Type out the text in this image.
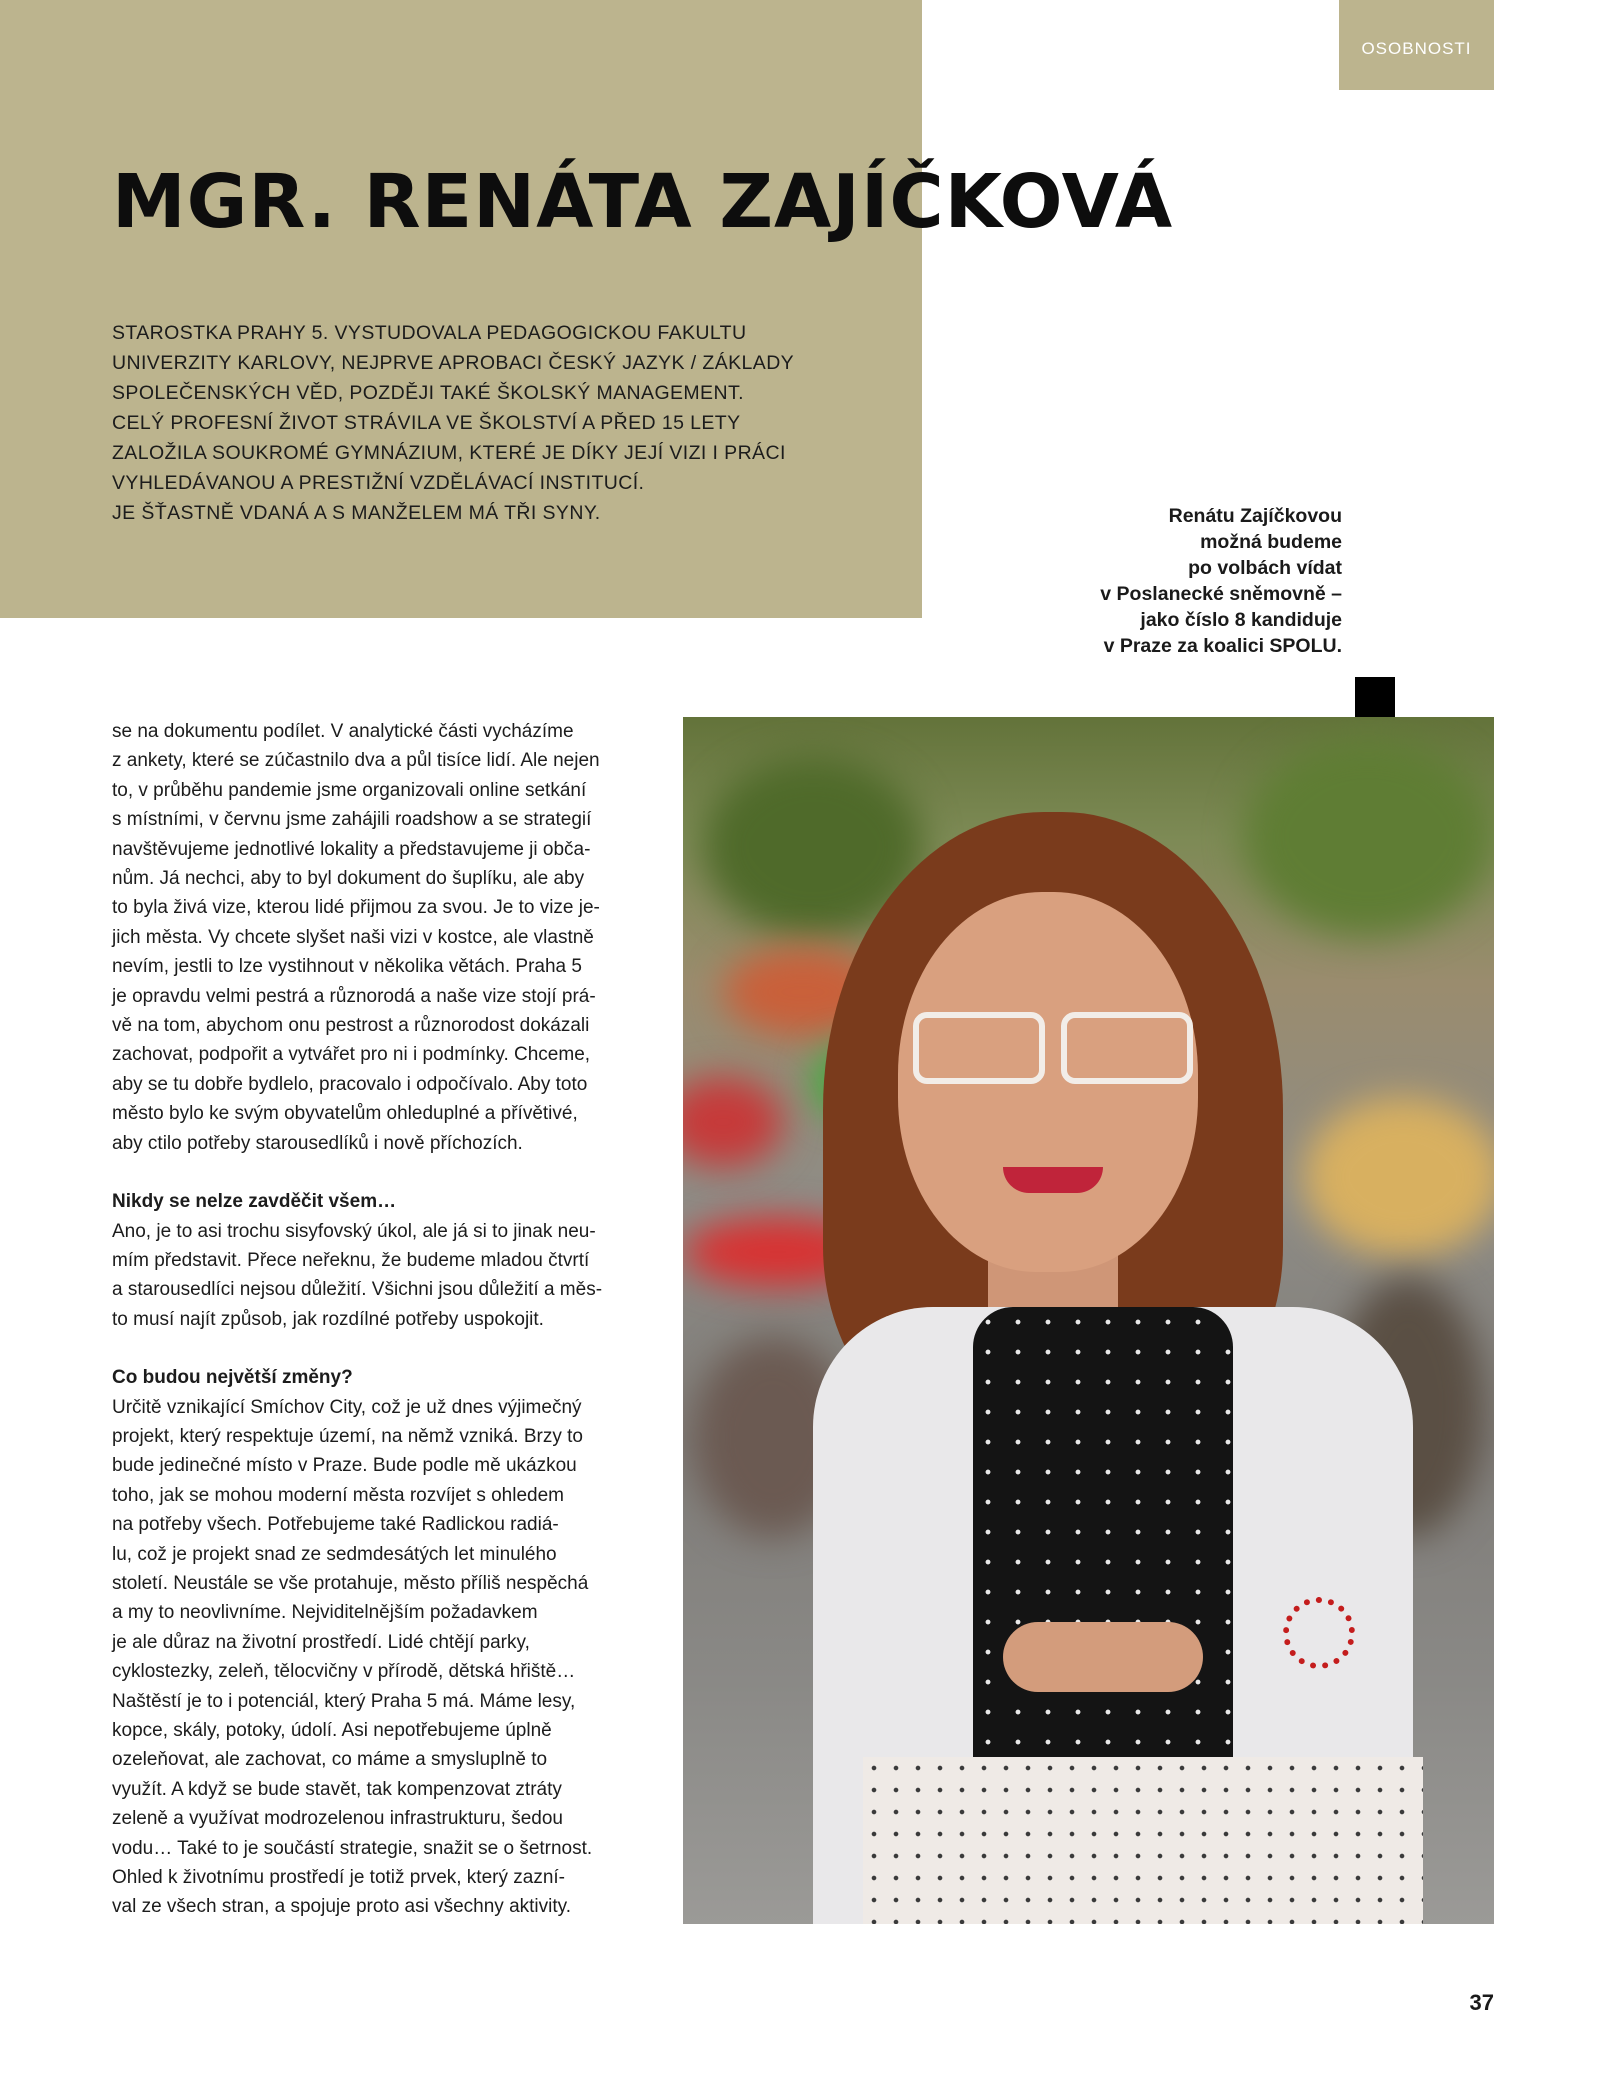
OSOBNOSTI
MGR. RENÁTA ZAJÍČKOVÁ
STAROSTKA PRAHY 5. VYSTUDOVALA PEDAGOGICKOU FAKULTU
UNIVERZITY KARLOVY, NEJPRVE APROBACI ČESKÝ JAZYK / ZÁKLADY
SPOLEČENSKÝCH VĚD, POZDĚJI TAKÉ ŠKOLSKÝ MANAGEMENT.
CELÝ PROFESNÍ ŽIVOT STRÁVILA VE ŠKOLSTVÍ A PŘED 15 LETY
ZALOŽILA SOUKROMÉ GYMNÁZIUM, KTERÉ JE DÍKY JEJÍ VIZI I PRÁCI
VYHLEDÁVANOU A PRESTIŽNÍ VZDĚLÁVACÍ INSTITUCÍ.
JE ŠŤASTNĚ VDANÁ A S MANŽELEM MÁ TŘI SYNY.	Renátu Zajíčkovou
možná budeme
po volbách vídat
v Poslanecké sněmovně –
jako číslo 8 kandiduje
v Praze za koalici SPOLU.
se na dokumentu podílet. V analytické části vycházíme
z ankety, které se zúčastnilo dva a půl tisíce lidí. Ale nejen
to, v průběhu pandemie jsme organizovali online setkání
s místními, v červnu jsme zahájili roadshow a se strategií
navštěvujeme jednotlivé lokality a představujeme ji obča-
nům. Já nechci, aby to byl dokument do šuplíku, ale aby
to byla živá vize, kterou lidé přijmou za svou. Je to vize je-
jich města. Vy chcete slyšet naši vizi v kostce, ale vlastně
nevím, jestli to lze vystihnout v několika větách. Praha 5
je opravdu velmi pestrá a různorodá a naše vize stojí prá-
vě na tom, abychom onu pestrost a různorodost dokázali
zachovat, podpořit a vytvářet pro ni i podmínky. Chceme,
aby se tu dobře bydlelo, pracovalo i odpočívalo. Aby toto
město bylo ke svým obyvatelům ohleduplné a přívětivé,
aby ctilo potřeby starousedlíků i nově příchozích.
Nikdy se nelze zavděčit všem…
Ano, je to asi trochu sisyfovský úkol, ale já si to jinak neu-
mím představit. Přece neřeknu, že budeme mladou čtvrtí
a starousedlíci nejsou důležití. Všichni jsou důležití a měs-
to musí najít způsob, jak rozdílné potřeby uspokojit.
Co budou největší změny?
Určitě vznikající Smíchov City, což je už dnes výjimečný
projekt, který respektuje území, na němž vzniká. Brzy to
bude jedinečné místo v Praze. Bude podle mě ukázkou
toho, jak se mohou moderní města rozvíjet s ohledem
na potřeby všech. Potřebujeme také Radlickou radiá-
lu, což je projekt snad ze sedmdesátých let minulého
století. Neustále se vše protahuje, město příliš nespěchá
a my to neovlivníme. Nejviditelnějším požadavkem
je ale důraz na životní prostředí. Lidé chtějí parky,
cyklostezky, zeleň, tělocvičny v přírodě, dětská hřiště…
Naštěstí je to i potenciál, který Praha 5 má. Máme lesy,
kopce, skály, potoky, údolí. Asi nepotřebujeme úplně
ozeleňovat, ale zachovat, co máme a smysluplně to
využít. A když se bude stavět, tak kompenzovat ztráty
zeleně a využívat modrozelenou infrastrukturu, šedou
vodu… Také to je součástí strategie, snažit se o šetrnost.
Ohled k životnímu prostředí je totiž prvek, který zazní-
val ze všech stran, a spojuje proto asi všechny aktivity.
37
